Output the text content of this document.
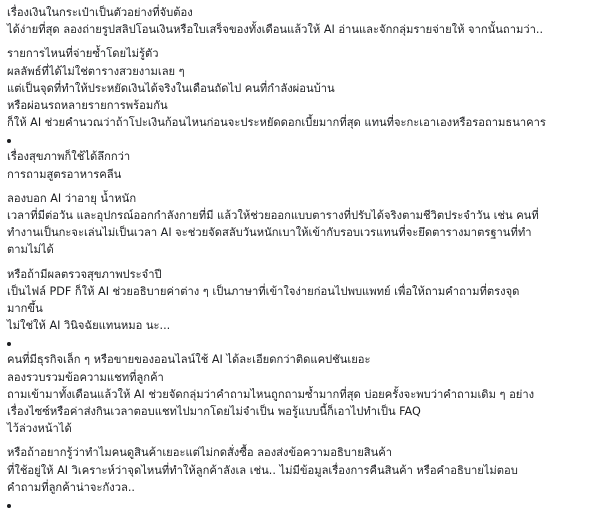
เรื่องเงินในกระเป๋าเป็นตัวอย่างที่จับต้อง
ได้ง่ายที่สุด ลองถ่ายรูปสลิปโอนเงินหรือใบเสร็จของทั้งเดือนแล้วให้ AI อ่านและจักกลุ่มรายจ่ายให้ จากนั้นถามว่า..
รายการไหนที่จ่ายซ้ำโดยไม่รู้ตัว
ผลลัพธ์ที่ได้ไม่ใช่ตารางสวยงามเลย ๆ
แต่เป็นจุดที่ทำให้ประหยัดเงินได้จริงในเดือนถัดไป คนที่กำลังผ่อนบ้าน
หรือผ่อนรถหลายรายการพร้อมกัน
ก็ให้ AI ช่วยคำนวณว่าถ้าโปะเงินก้อนไหนก่อนจะประหยัดดอกเบี้ยมากที่สุด แทนที่จะกะเอาเองหรือรอถามธนาคาร
เรื่องสุขภาพก็ใช้ได้ลึกกว่า
การถามสูตรอาหารคลีน
ลองบอก AI ว่าอายุ น้ำหนัก
เวลาที่มีต่อวัน และอุปกรณ์ออกกำลังกายที่มี แล้วให้ช่วยออกแบบตารางที่ปรับได้จริงตามชีวิตประจำวัน เช่น คนที่
ทำงานเป็นกะจะเล่นไม่เป็นเวลา AI จะช่วยจัดสลับวันหนักเบาให้เข้ากับรอบเวรแทนที่จะยึดตารางมาตรฐานที่ทำ
ตามไม่ได้
หรือถ้ามีผลตรวจสุขภาพประจำปี
เป็นไฟล์ PDF ก็ให้ AI ช่วยอธิบายค่าต่าง ๆ เป็นภาษาที่เข้าใจง่ายก่อนไปพบแพทย์ เพื่อให้ถามคำถามที่ตรงจุด
มากขึ้น
ไม่ใช่ให้ AI วินิจฉัยแทนหมอ นะ...
คนที่มีธุรกิจเล็ก ๆ หรือขายของออนไลน์ใช้ AI ได้ละเอียดกว่าติดแคปชันเยอะ
ลองรวบรวมข้อความแชทที่ลูกค้า
ถามเข้ามาทั้งเดือนแล้วให้ AI ช่วยจัดกลุ่มว่าคำถามไหนถูกถามซ้ำมากที่สุด บ่อยครั้งจะพบว่าคำถามเดิม ๆ อย่าง
เรื่องไซซ์หรือค่าส่งกินเวลาตอบแชทไปมากโดยไม่จำเป็น พอรู้แบบนี้ก็เอาไปทำเป็น FAQ
ไว้ล่วงหน้าได้
หรือถ้าอยากรู้ว่าทำไมคนดูสินค้าเยอะแต่ไม่กดสั่งซื้อ ลองส่งข้อความอธิบายสินค้า
ที่ใช้อยู่ให้ AI วิเคราะห์ว่าจุดไหนที่ทำให้ลูกค้าลังเล เช่น.. ไม่มีข้อมูลเรื่องการคืนสินค้า หรือคำอธิบายไม่ตอบ
คำถามที่ลูกค้าน่าจะกังวล..
